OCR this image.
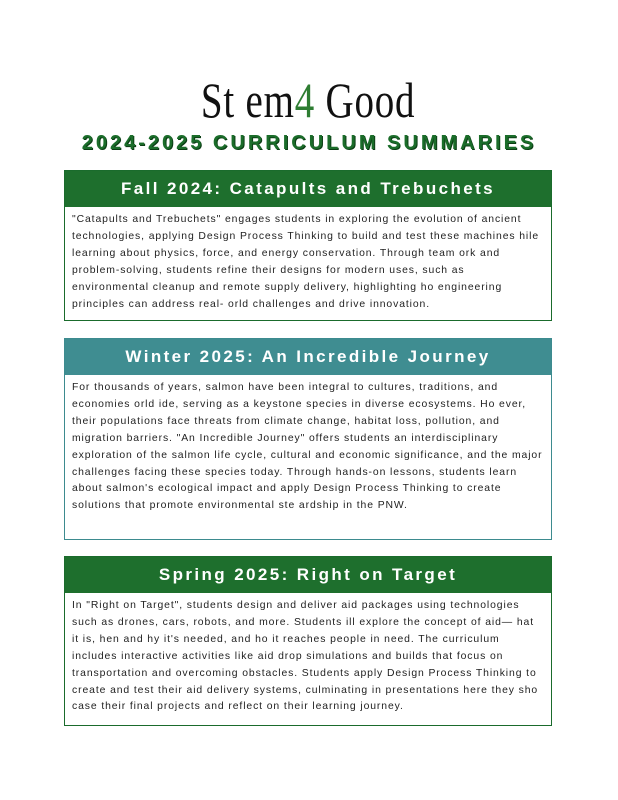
St em4 Good
2024-2025 CURRICULUM SUMMARIES
Fall 2024: Catapults and Trebuchets
"Catapults and Trebuchets" engages students in exploring the evolution of ancient technologies, applying Design Process Thinking to build and test these machines hile learning about physics, force, and energy conservation. Through team ork and problem-solving, students refine their designs for modern uses, such as environmental cleanup and remote supply delivery, highlighting ho engineering principles can address real- orld challenges and drive innovation.
Winter 2025: An Incredible Journey
For thousands of years, salmon have been integral to cultures, traditions, and economies orld ide, serving as a keystone species in diverse ecosystems. Ho ever, their populations face threats from climate change, habitat loss, pollution, and migration barriers. "An Incredible Journey" offers students an interdisciplinary exploration of the salmon life cycle, cultural and economic significance, and the major challenges facing these species today. Through hands-on lessons, students learn about salmon's ecological impact and apply Design Process Thinking to create solutions that promote environmental ste ardship in the PNW.
Spring 2025: Right on Target
In "Right on Target", students design and deliver aid packages using technologies such as drones, cars, robots, and more. Students ill explore the concept of aid— hat it is, hen and hy it's needed, and ho it reaches people in need. The curriculum includes interactive activities like aid drop simulations and builds that focus on transportation and overcoming obstacles. Students apply Design Process Thinking to create and test their aid delivery systems, culminating in presentations here they sho case their final projects and reflect on their learning journey.
